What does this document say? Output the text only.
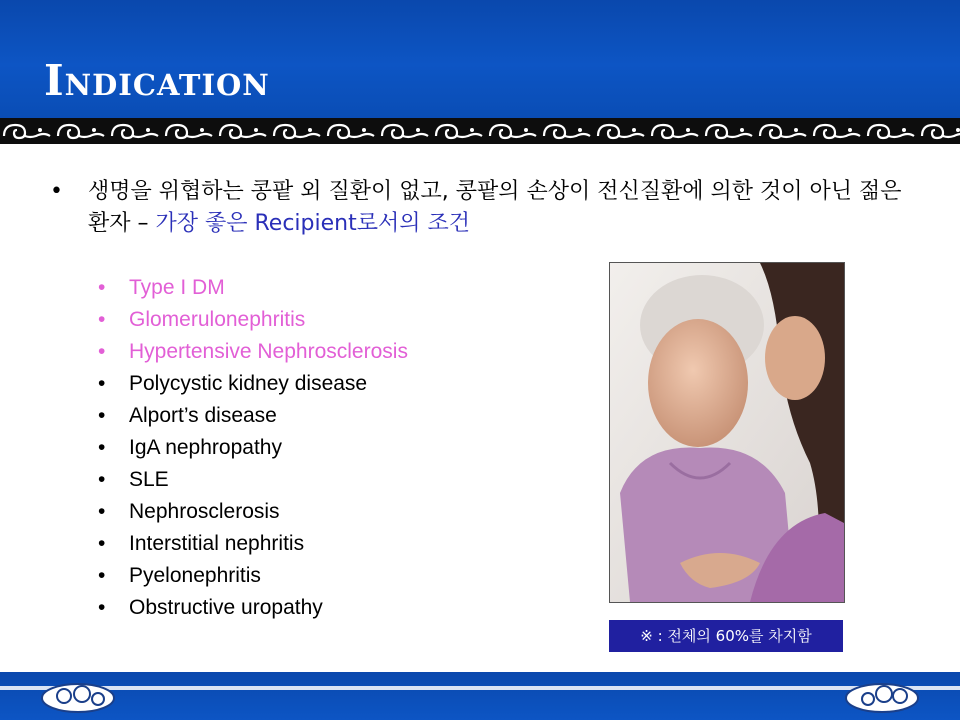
Indication
• 생명을 위협하는 콩팥 외 질환이 없고, 콩팥의 손상이 전신질환에 의한 것이 아닌 젊은 환자 – 가장 좋은 Recipient로서의 조건
• Type I DM
• Glomerulonephritis
• Hypertensive Nephrosclerosis
• Polycystic kidney disease
• Alport’s disease
• IgA nephropathy
• SLE
• Nephrosclerosis
• Interstitial nephritis
• Pyelonephritis
• Obstructive uropathy
※ : 전체의 60%를 차지함
